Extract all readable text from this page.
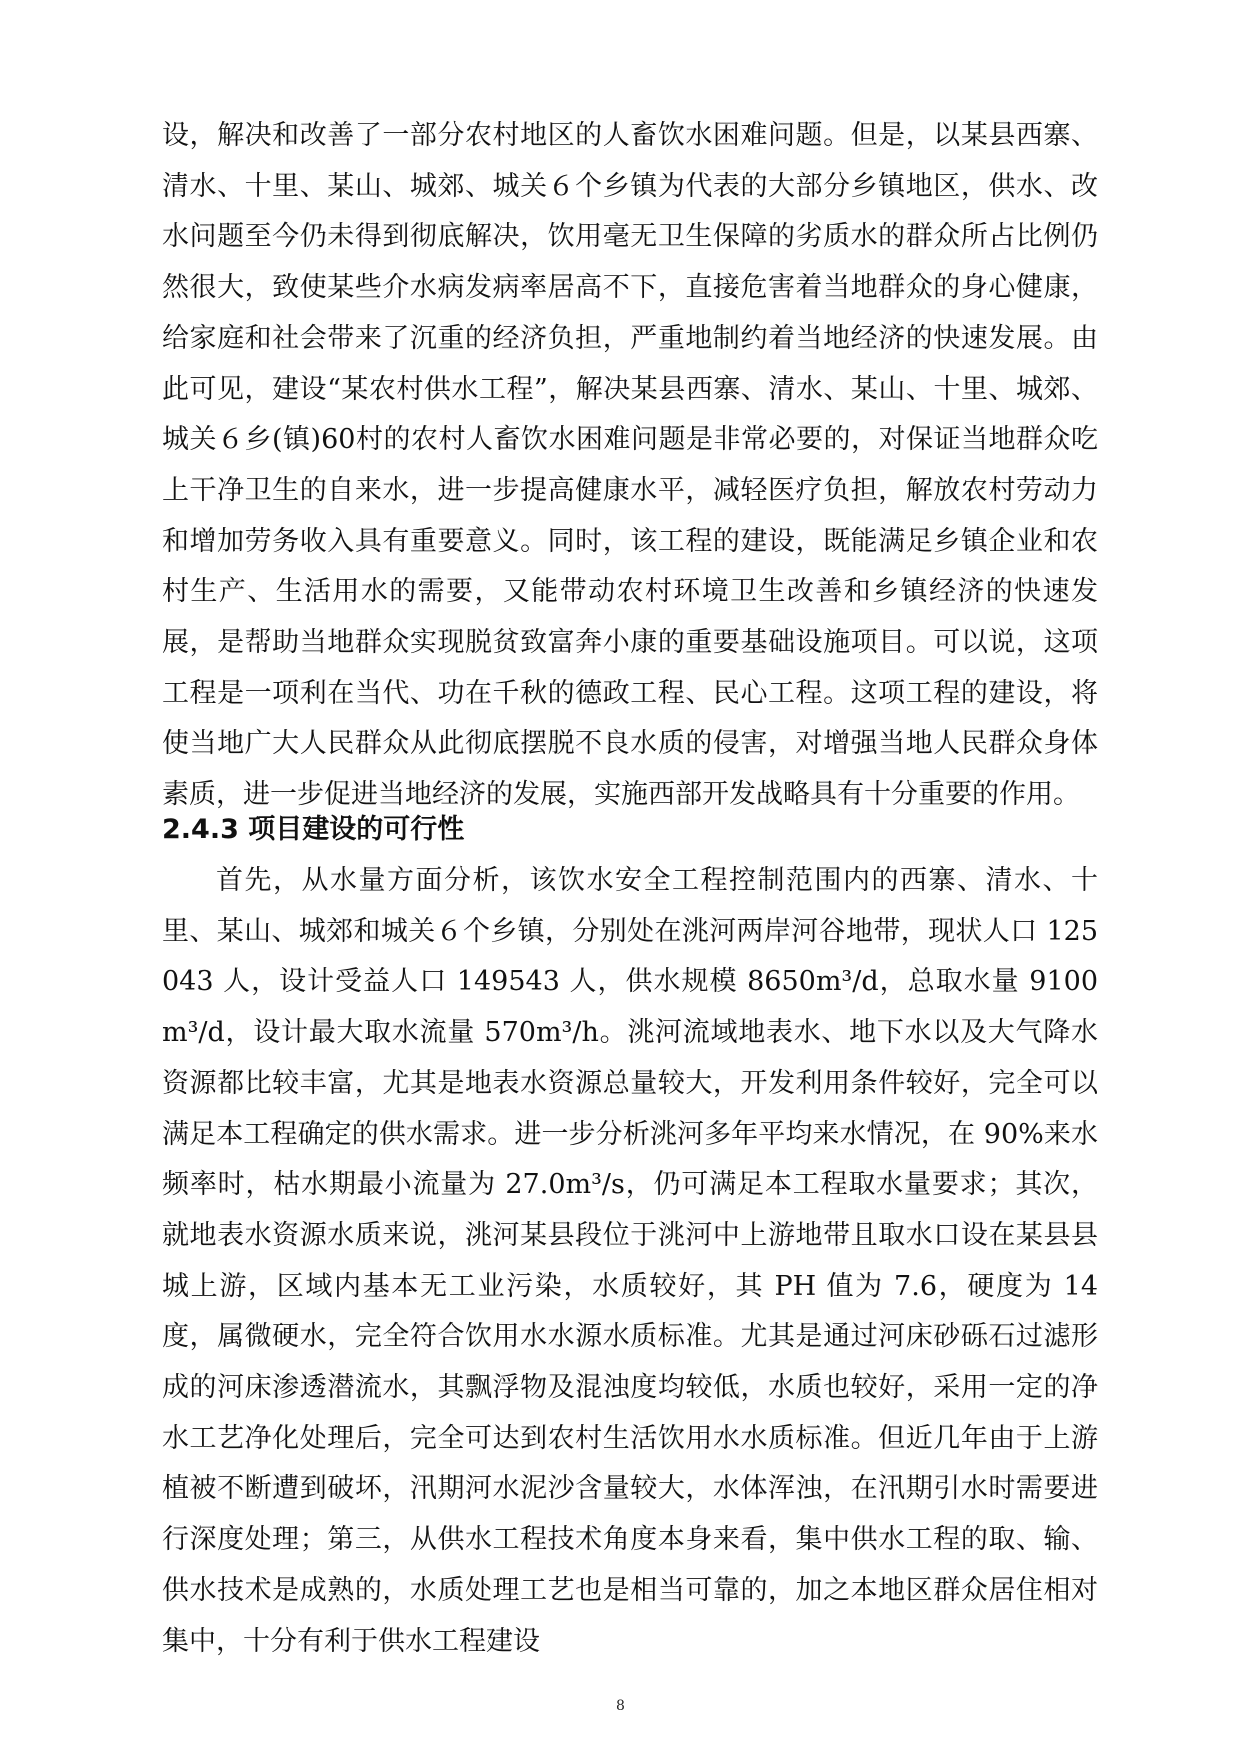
设，解决和改善了一部分农村地区的人畜饮水困难问题。但是，以某县西寨、清水、十里、某山、城郊、城关６个乡镇为代表的大部分乡镇地区，供水、改水问题至今仍未得到彻底解决，饮用毫无卫生保障的劣质水的群众所占比例仍然很大，致使某些介水病发病率居高不下，直接危害着当地群众的身心健康，给家庭和社会带来了沉重的经济负担，严重地制约着当地经济的快速发展。由此可见，建设“某农村供水工程”，解决某县西寨、清水、某山、十里、城郊、城关６乡(镇)60村的农村人畜饮水困难问题是非常必要的，对保证当地群众吃上干净卫生的自来水，进一步提高健康水平，减轻医疗负担，解放农村劳动力和增加劳务收入具有重要意义。同时，该工程的建设，既能满足乡镇企业和农村生产、生活用水的需要，又能带动农村环境卫生改善和乡镇经济的快速发展，是帮助当地群众实现脱贫致富奔小康的重要基础设施项目。可以说，这项工程是一项利在当代、功在千秋的德政工程、民心工程。这项工程的建设，将使当地广大人民群众从此彻底摆脱不良水质的侵害，对增强当地人民群众身体素质，进一步促进当地经济的发展，实施西部开发战略具有十分重要的作用。

2.4.3 项目建设的可行性

首先，从水量方面分析，该饮水安全工程控制范围内的西寨、清水、十里、某山、城郊和城关６个乡镇，分别处在洮河两岸河谷地带，现状人口 125043 人，设计受益人口 149543 人，供水规模 8650m³/d，总取水量 9100m³/d，设计最大取水流量 570m³/h。洮河流域地表水、地下水以及大气降水资源都比较丰富，尤其是地表水资源总量较大，开发利用条件较好，完全可以满足本工程确定的供水需求。进一步分析洮河多年平均来水情况，在 90%来水频率时，枯水期最小流量为 27.0m³/s，仍可满足本工程取水量要求；其次，就地表水资源水质来说，洮河某县段位于洮河中上游地带且取水口设在某县县城上游，区域内基本无工业污染，水质较好，其 PH 值为 7.6，硬度为 14 度，属微硬水，完全符合饮用水水源水质标准。尤其是通过河床砂砾石过滤形成的河床渗透潜流水，其飘浮物及混浊度均较低，水质也较好，采用一定的净水工艺净化处理后，完全可达到农村生活饮用水水质标准。但近几年由于上游植被不断遭到破坏，汛期河水泥沙含量较大，水体浑浊，在汛期引水时需要进行深度处理；第三，从供水工程技术角度本身来看，集中供水工程的取、输、供水技术是成熟的，水质处理工艺也是相当可靠的，加之本地区群众居住相对集中，十分有利于供水工程建设

8
